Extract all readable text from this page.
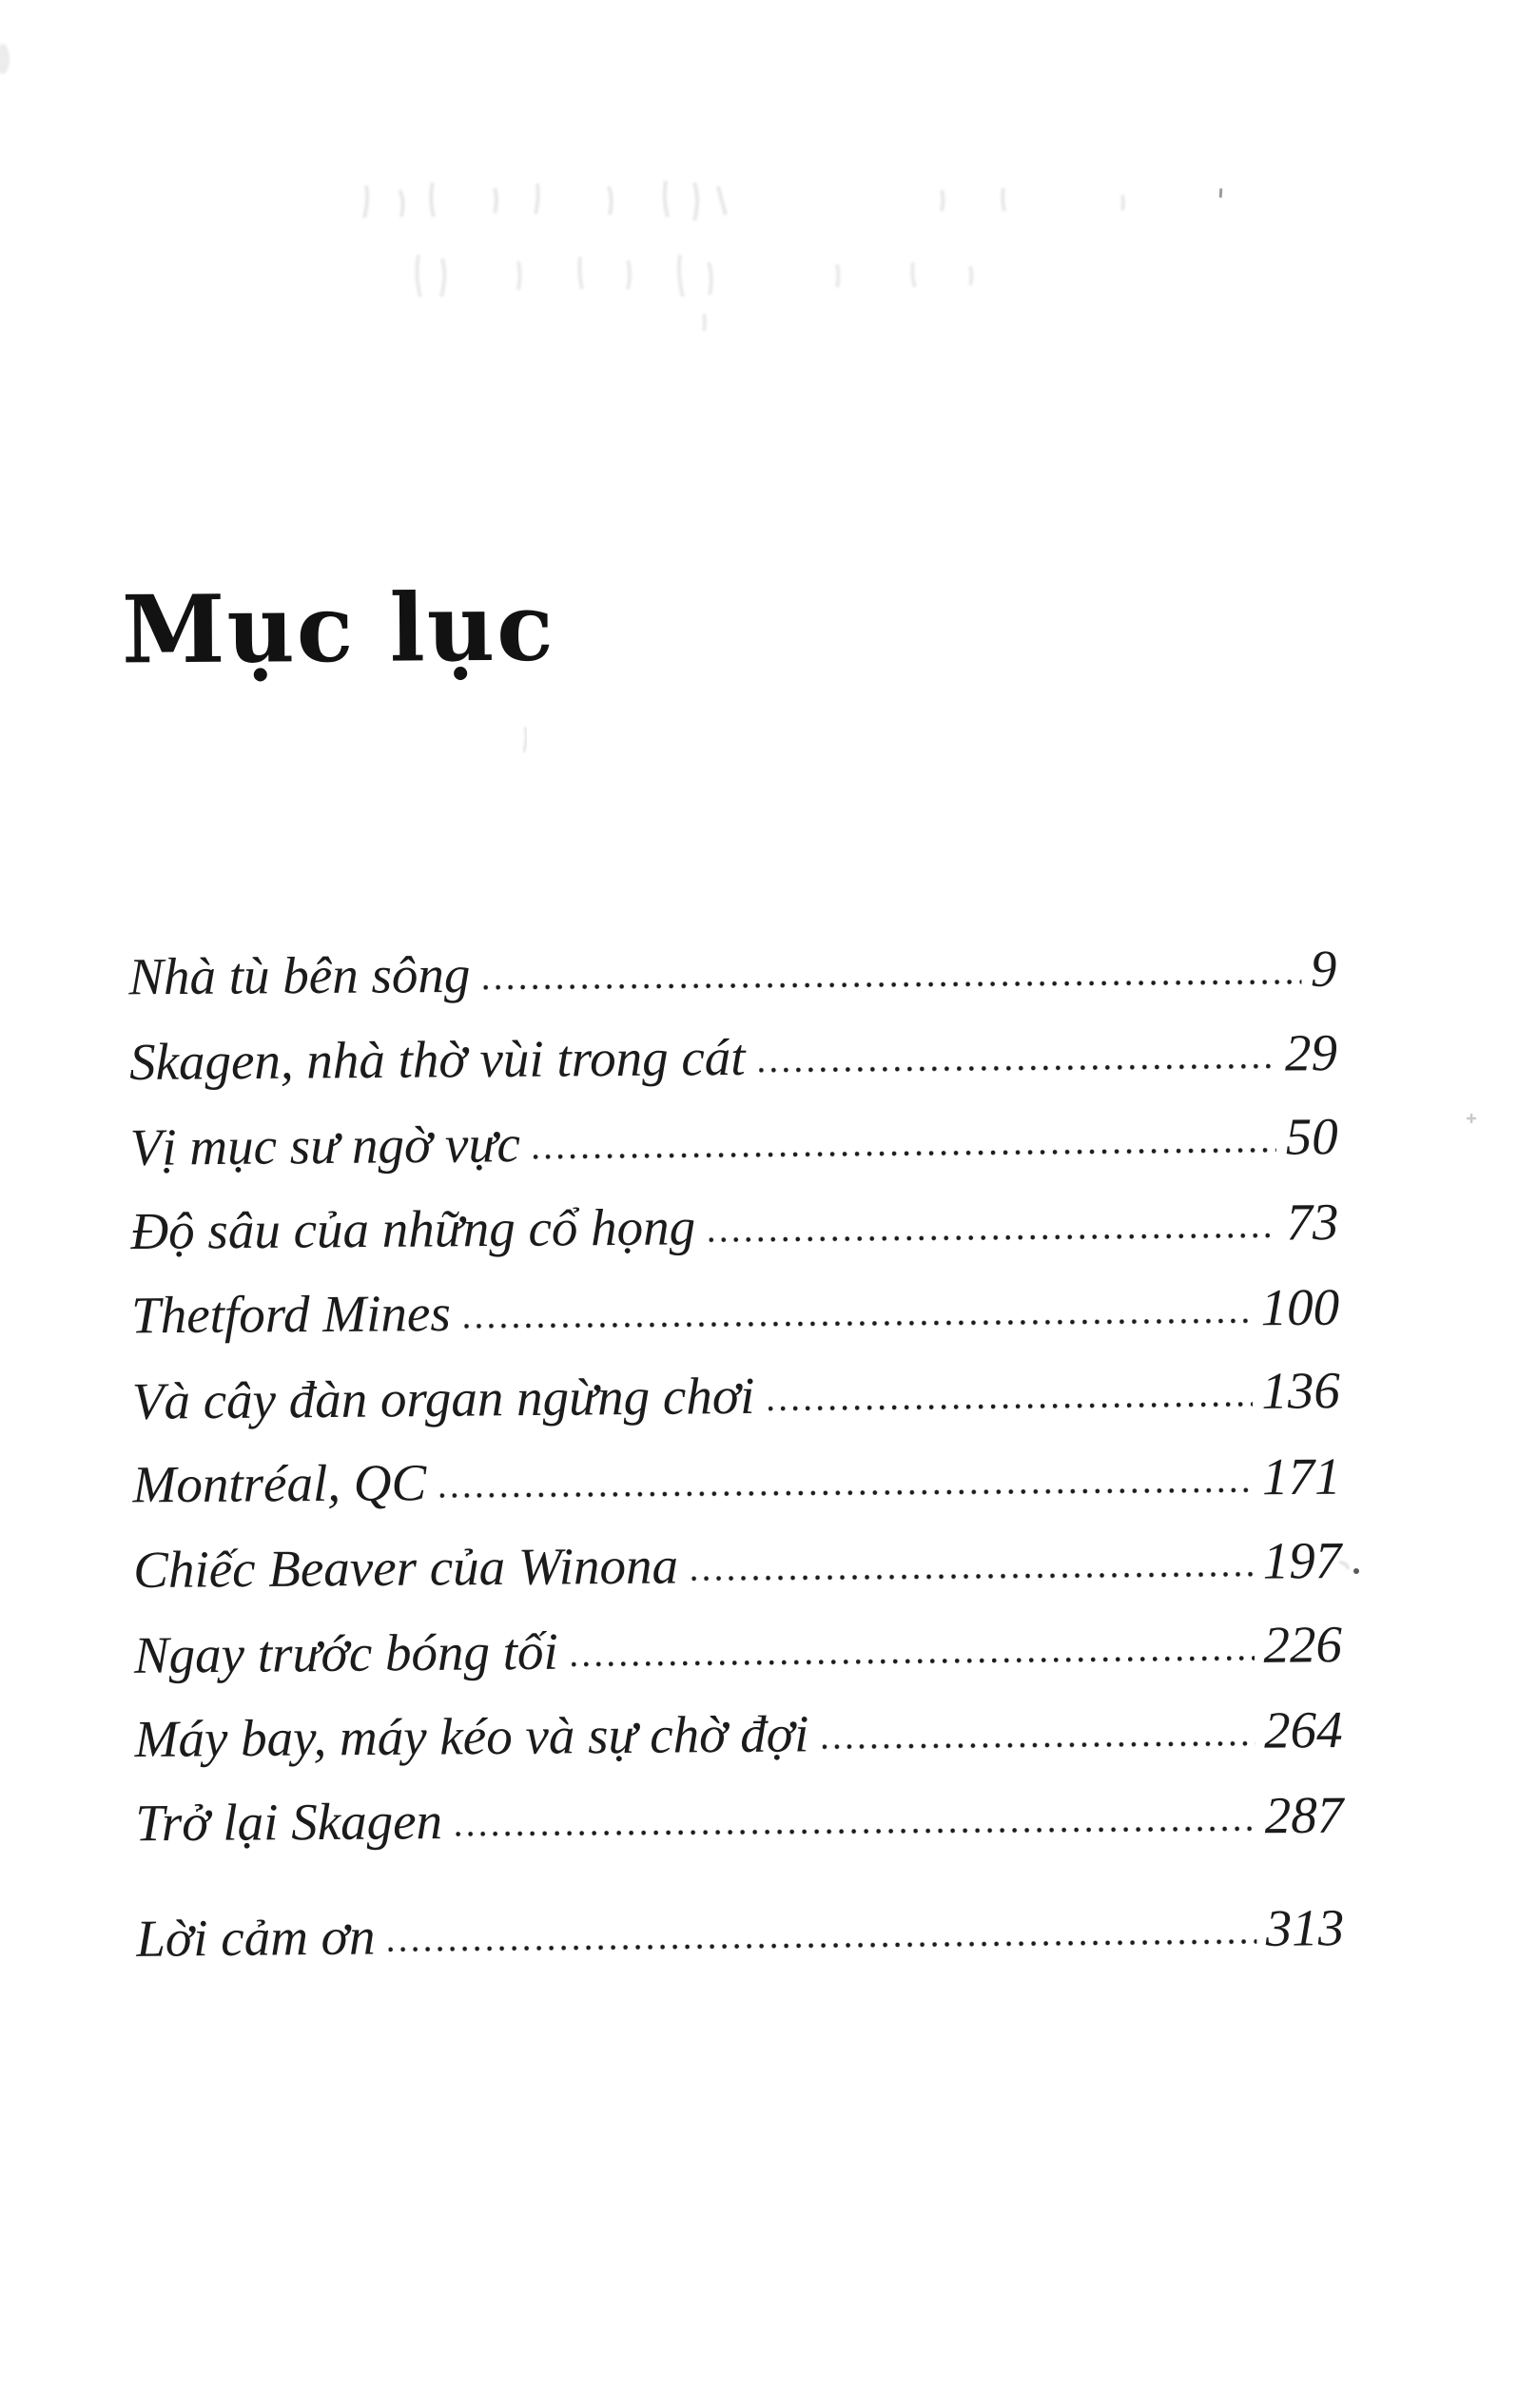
Mục lục
Nhà tù bên sông	9
Skagen, nhà thờ vùi trong cát	29
Vị mục sư ngờ vực	50
Độ sâu của những cổ họng	73
Thetford Mines	100
Và cây đàn organ ngừng chơi	136
Montréal, QC	171
Chiếc Beaver của Winona	197
Ngay trước bóng tối	226
Máy bay, máy kéo và sự chờ đợi	264
Trở lại Skagen	287
Lời cảm ơn	313
